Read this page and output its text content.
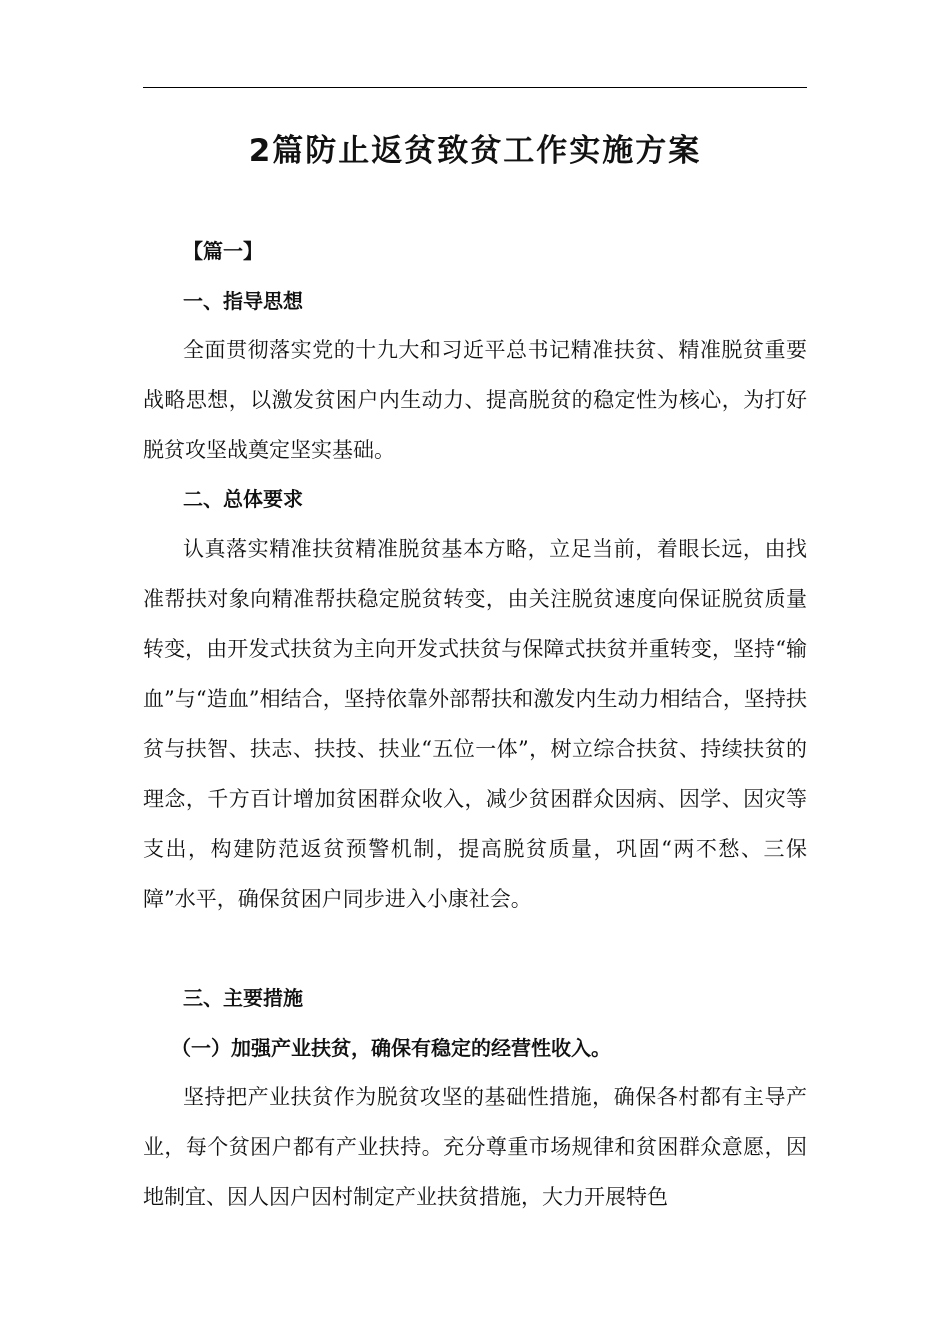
2篇防止返贫致贫工作实施方案
【篇一】
一、指导思想

全面贯彻落实党的十九大和习近平总书记精准扶贫、精准脱贫重要战略思想，以激发贫困户内生动力、提高脱贫的稳定性为核心，为打好脱贫攻坚战奠定坚实基础。

二、总体要求

认真落实精准扶贫精准脱贫基本方略，立足当前，着眼长远，由找准帮扶对象向精准帮扶稳定脱贫转变，由关注脱贫速度向保证脱贫质量转变，由开发式扶贫为主向开发式扶贫与保障式扶贫并重转变，坚持“输血”与“造血”相结合，坚持依靠外部帮扶和激发内生动力相结合，坚持扶贫与扶智、扶志、扶技、扶业“五位一体”，树立综合扶贫、持续扶贫的理念，千方百计增加贫困群众收入，减少贫困群众因病、因学、因灾等支出，构建防范返贫预警机制，提高脱贫质量，巩固“两不愁、三保障”水平，确保贫困户同步进入小康社会。

三、主要措施
（一）加强产业扶贫，确保有稳定的经营性收入。

坚持把产业扶贫作为脱贫攻坚的基础性措施，确保各村都有主导产业，每个贫困户都有产业扶持。充分尊重市场规律和贫困群众意愿，因地制宜、因人因户因村制定产业扶贫措施，大力开展特色
